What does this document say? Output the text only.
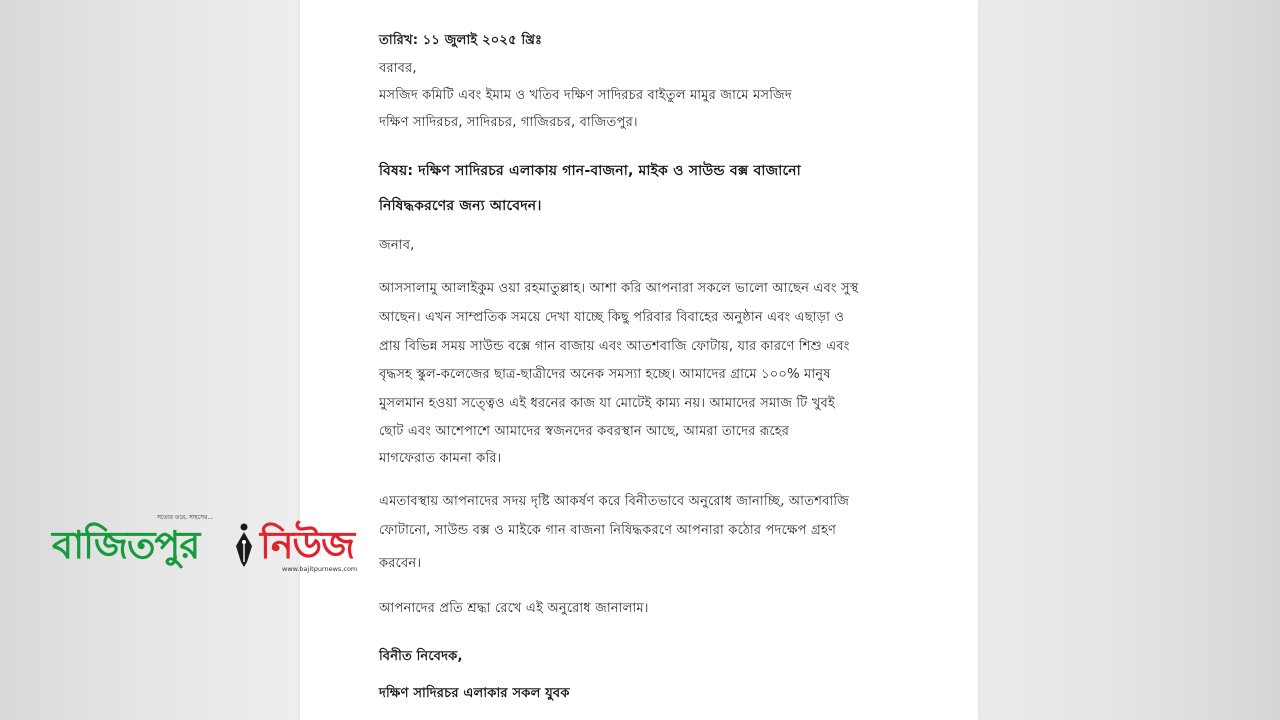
তারিখ: ১১ জুলাই ২০২৫ খ্রিঃ
বরাবর,
মসজিদ কমিটি এবং ইমাম ও খতিব দক্ষিণ সাদিরচর বাইতুল মামুর জামে মসজিদ
দক্ষিণ সাদিরচর, সাদিরচর, গাজিরচর, বাজিতপুর।
বিষয়: দক্ষিণ সাদিরচর এলাকায় গান-বাজনা, মাইক ও সাউন্ড বক্স বাজানো
নিষিদ্ধকরণের জন্য আবেদন।
জনাব,
আসসালামু আলাইকুম ওয়া রহমাতুল্লাহ। আশা করি আপনারা সকলে ভালো আছেন এবং সুস্থ
আছেন। এখন সাম্প্রতিক সময়ে দেখা যাচ্ছে কিছু পরিবার বিবাহের অনুষ্ঠান এবং এছাড়া ও
প্রায় বিভিন্ন সময় সাউন্ড বক্সে গান বাজায় এবং আতশবাজি ফোটায়, যার কারণে শিশু এবং
বৃদ্ধসহ স্কুল-কলেজের ছাত্র-ছাত্রীদের অনেক সমস্যা হচ্ছে। আমাদের গ্রামে ১০০% মানুষ
মুসলমান হওয়া সত্ত্বেও এই ধরনের কাজ যা মোটেই কাম্য নয়। আমাদের সমাজ টি খুবই
ছোট এবং আশেপাশে আমাদের স্বজনদের কবরস্থান আছে, আমরা তাদের রূহের
মাগফেরাত কামনা করি।
এমতাবস্থায় আপনাদের সদয় দৃষ্টি আকর্ষণ করে বিনীতভাবে অনুরোধ জানাচ্ছি, আতশবাজি
ফোটানো, সাউন্ড বক্স ও মাইকে গান বাজনা নিষিদ্ধকরণে আপনারা কঠোর পদক্ষেপ গ্রহণ
করবেন।
আপনাদের প্রতি শ্রদ্ধা রেখে এই অনুরোধ জানালাম।
বিনীত নিবেদক,
দক্ষিণ সাদিরচর এলাকার সকল যুবক
সত্যের তরে, সাহসের...
বাজিতপুর নিউজ
www.bajitpurnews.com
